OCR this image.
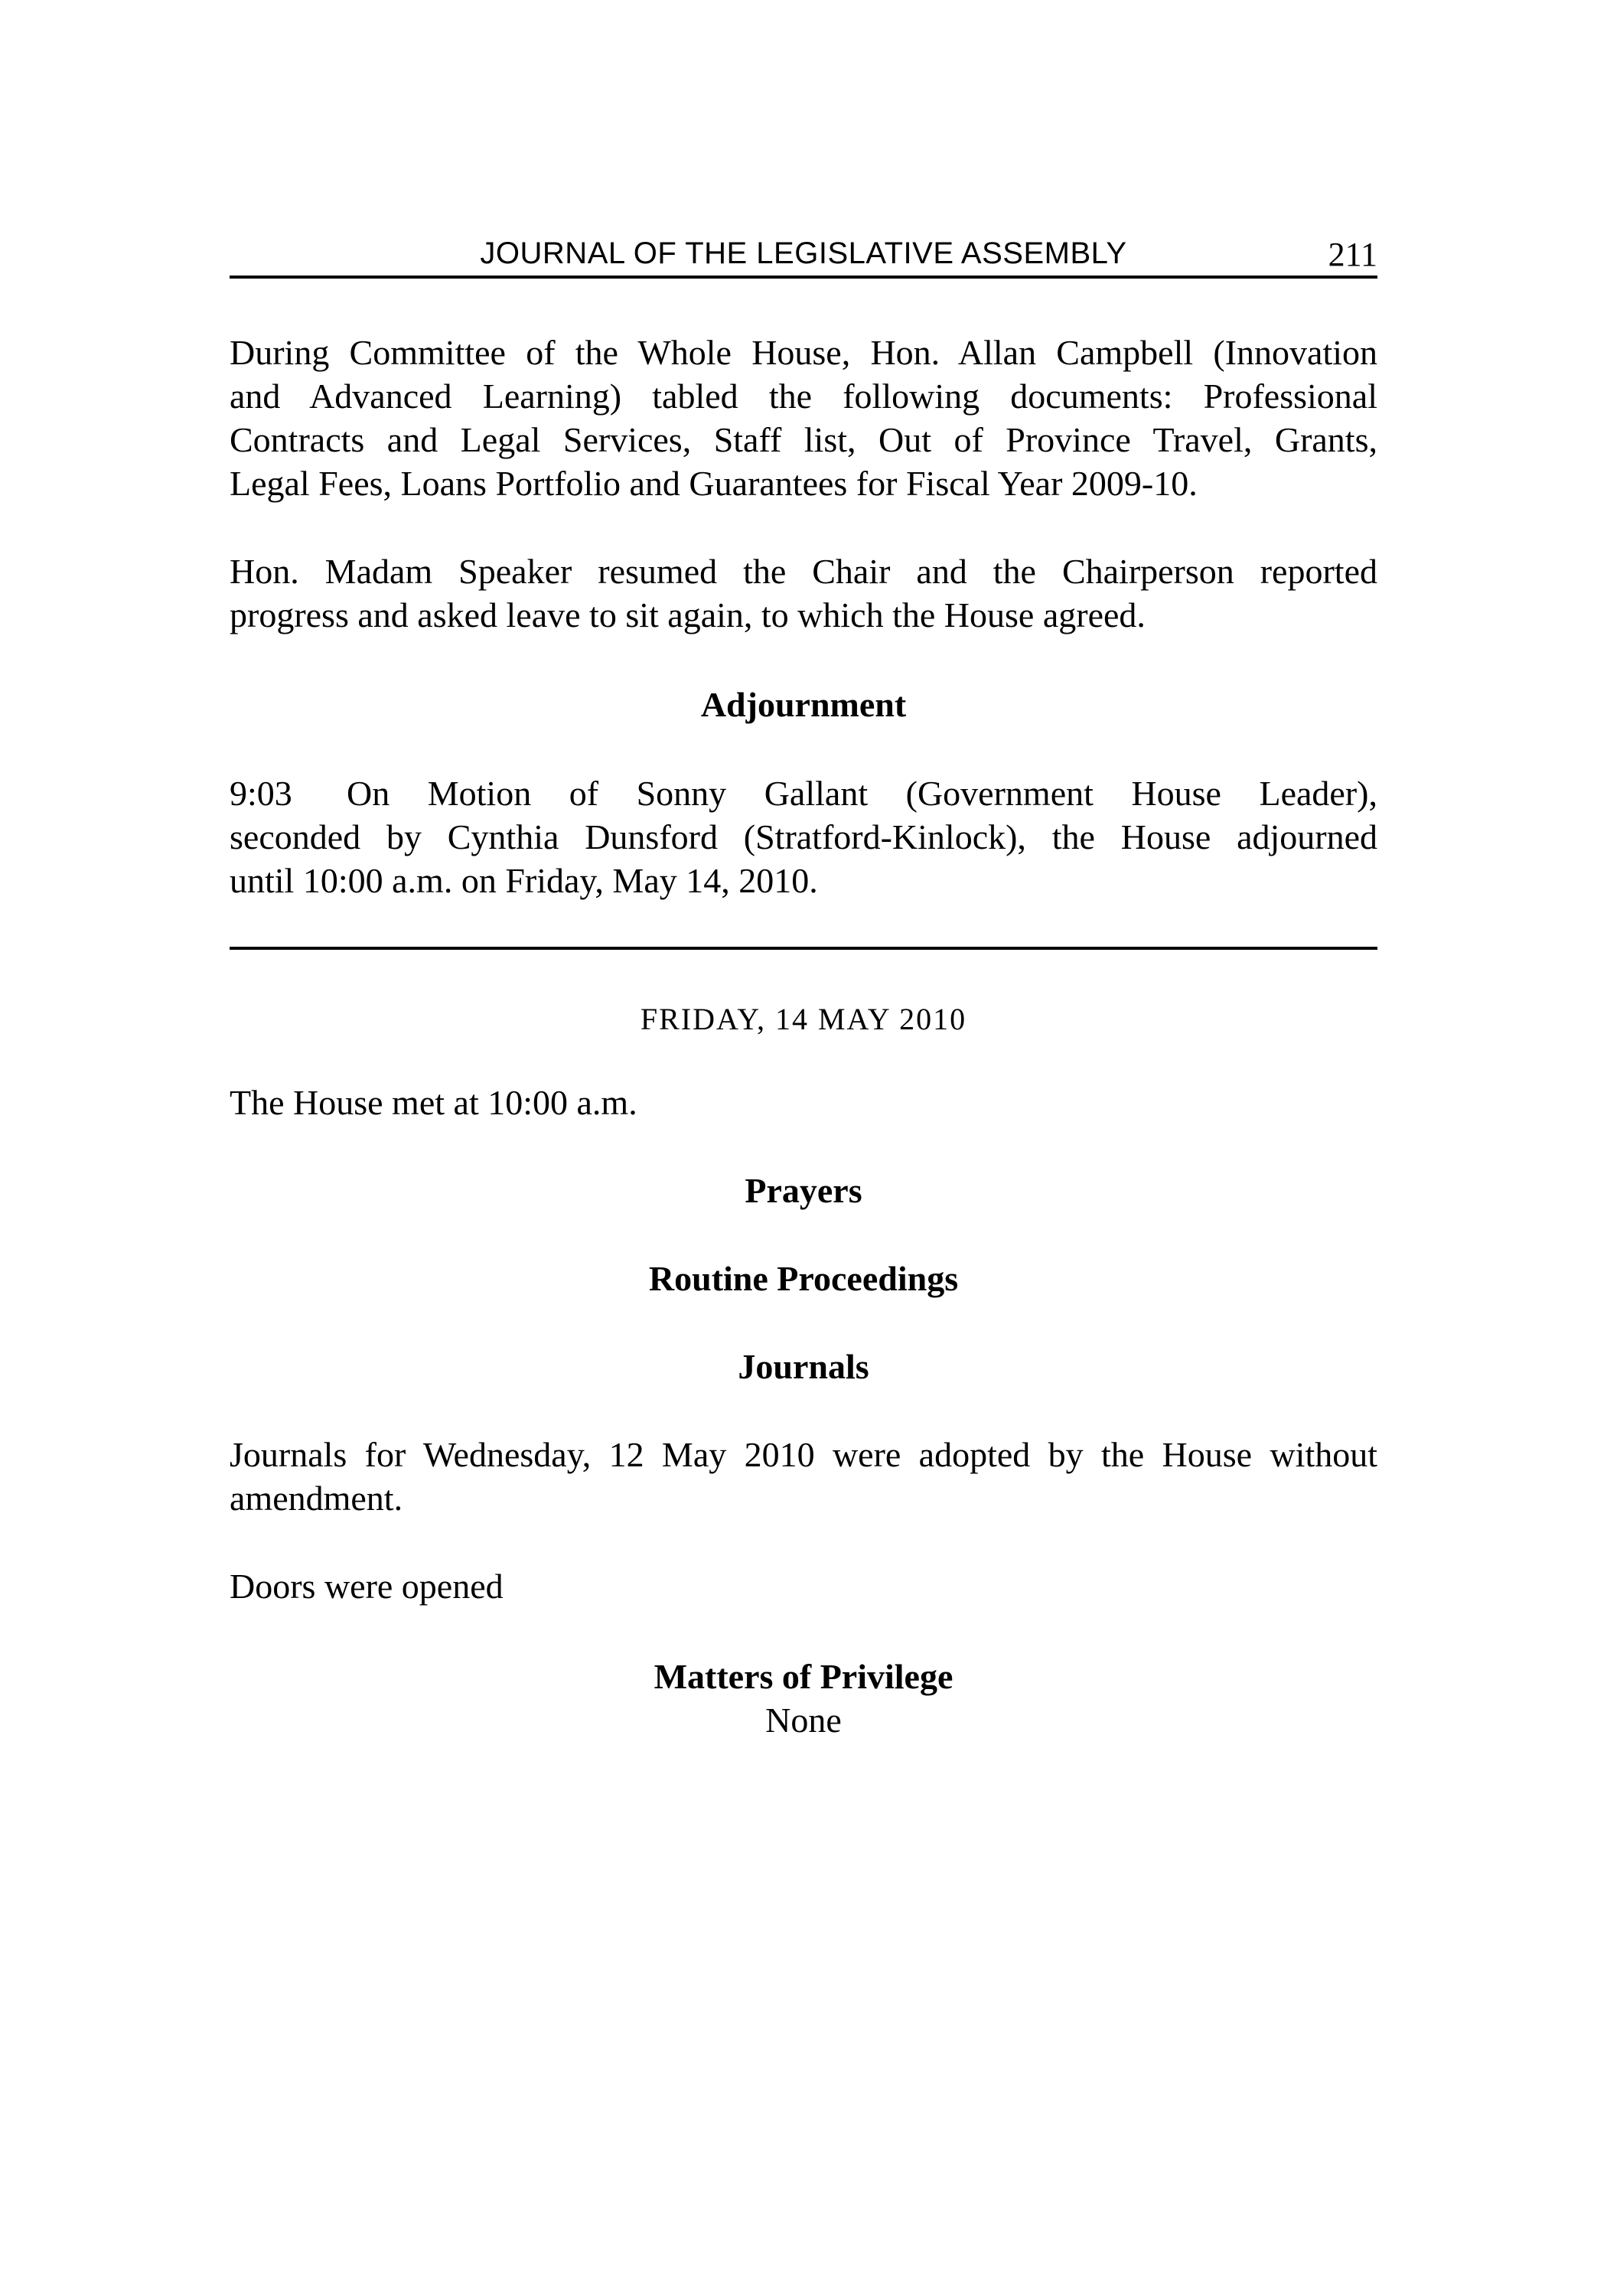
JOURNAL OF THE LEGISLATIVE ASSEMBLY	211

During Committee of the Whole House, Hon. Allan Campbell (Innovation
and Advanced Learning) tabled the following documents: Professional
Contracts and Legal Services, Staff list, Out of Province Travel, Grants,
Legal Fees, Loans Portfolio and Guarantees for Fiscal Year 2009-10.

Hon. Madam Speaker resumed the Chair and the Chairperson reported
progress and asked leave to sit again, to which the House agreed.

Adjournment

9:03 On Motion of Sonny Gallant (Government House Leader),
seconded by Cynthia Dunsford (Stratford-Kinlock), the House adjourned
until 10:00 a.m. on Friday, May 14, 2010.

FRIDAY, 14 MAY 2010

The House met at 10:00 a.m.

Prayers
Routine Proceedings
Journals

Journals for Wednesday, 12 May 2010 were adopted by the House without
amendment.

Doors were opened

Matters of Privilege
None
